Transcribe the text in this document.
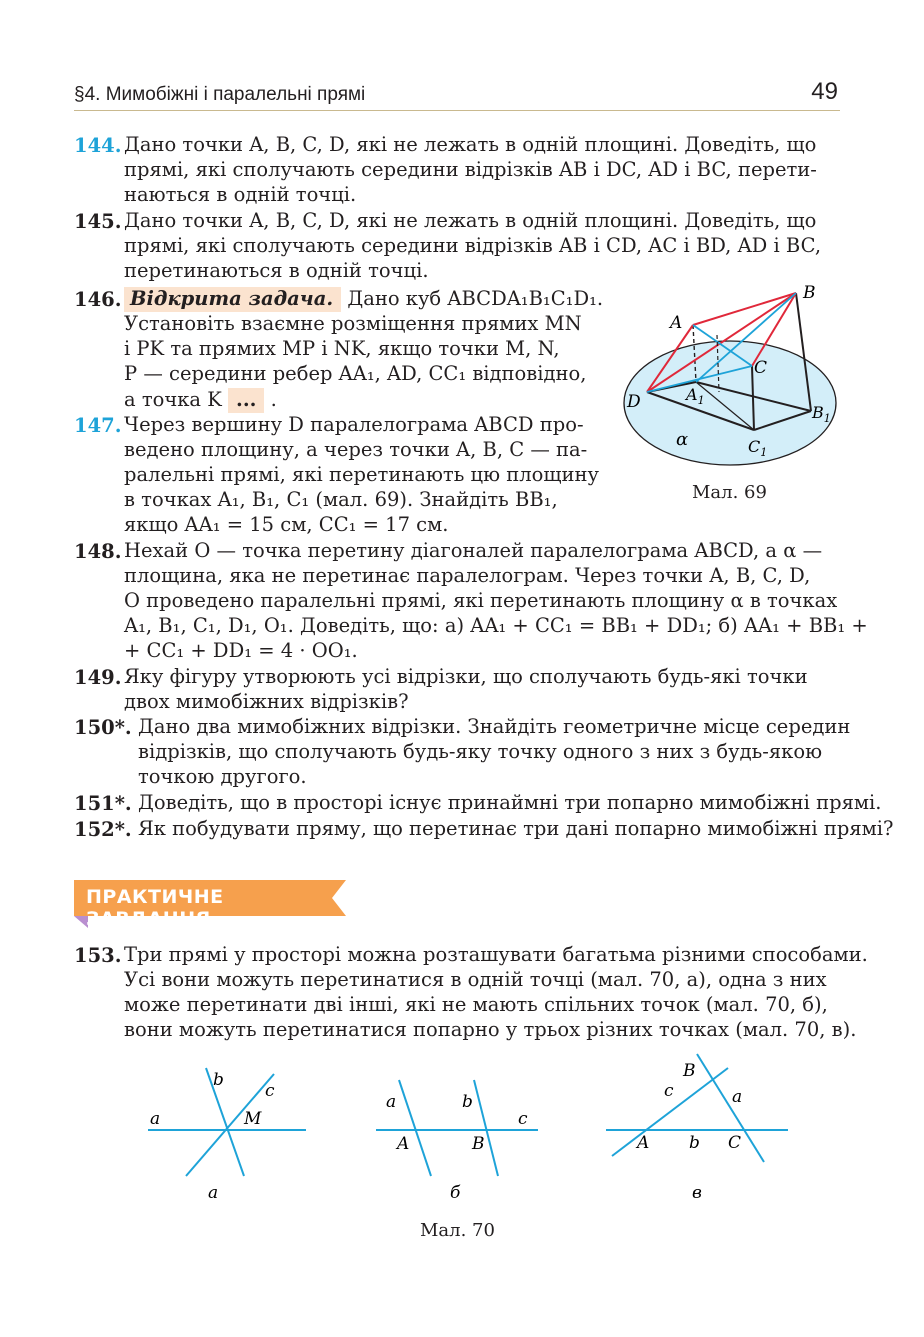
§4. Мимобіжні і паралельні прямі	49
144. Дано точки A, B, C, D, які не лежать в одній площині. Доведіть, що
прямі, які сполучають середини відрізків AB і DC, AD і BC, перети-
наються в одній точці.
145. Дано точки A, B, C, D, які не лежать в одній площині. Доведіть, що
прямі, які сполучають середини відрізків AB і CD, AC і BD, AD і BC,
перетинаються в одній точці.
146. Відкрита задача. Дано куб ABCDA₁B₁C₁D₁.
Установіть взаємне розміщення прямих MN
і PK та прямих MP і NK, якщо точки M, N,
P — середини ребер AA₁, AD, CC₁ відповідно,
а точка K ... .
147. Через вершину D паралелограма ABCD про-
ведено площину, а через точки A, B, C — па-
ралельні прямі, які перетинають цю площину
в точках A₁, B₁, C₁ (мал. 69). Знайдіть BB₁,
якщо AA₁ = 15 см, CC₁ = 17 см.
A
B
C
D	$A_1$
$B_1$
$C_1$
α
Мал. 69
148. Нехай O — точка перетину діагоналей паралелограма ABCD, а α —
площина, яка не перетинає паралелограм. Через точки A, B, C, D,
O проведено паралельні прямі, які перетинають площину α в точках
A₁, B₁, C₁, D₁, O₁. Доведіть, що: а) AA₁ + CC₁ = BB₁ + DD₁; б) AA₁ + BB₁ +
+ CC₁ + DD₁ = 4 · OO₁.
149. Яку фігуру утворюють усі відрізки, що сполучають будь-які точки
двох мимобіжних відрізків?
150*. Дано два мимобіжних відрізки. Знайдіть геометричне місце середин
відрізків, що сполучають будь-яку точку одного з них з будь-якою
точкою другого.
151*. Доведіть, що в просторі існує принаймні три попарно мимобіжні прямі.
152*. Як побудувати пряму, що перетинає три дані попарно мимобіжні прямі?
ПРАКТИЧНЕ ЗАВДАННЯ
153. Три прямі у просторі можна розташувати багатьма різними способами.
Усі вони можуть перетинатися в одній точці (мал. 70, а), одна з них
може перетинати дві інші, які не мають спільних точок (мал. 70, б),
вони можуть перетинатися попарно у трьох різних точках (мал. 70, в).
a
b
c
M
а
a	b
c
A	B
б
B
c	a
A b C
в
Мал. 70
